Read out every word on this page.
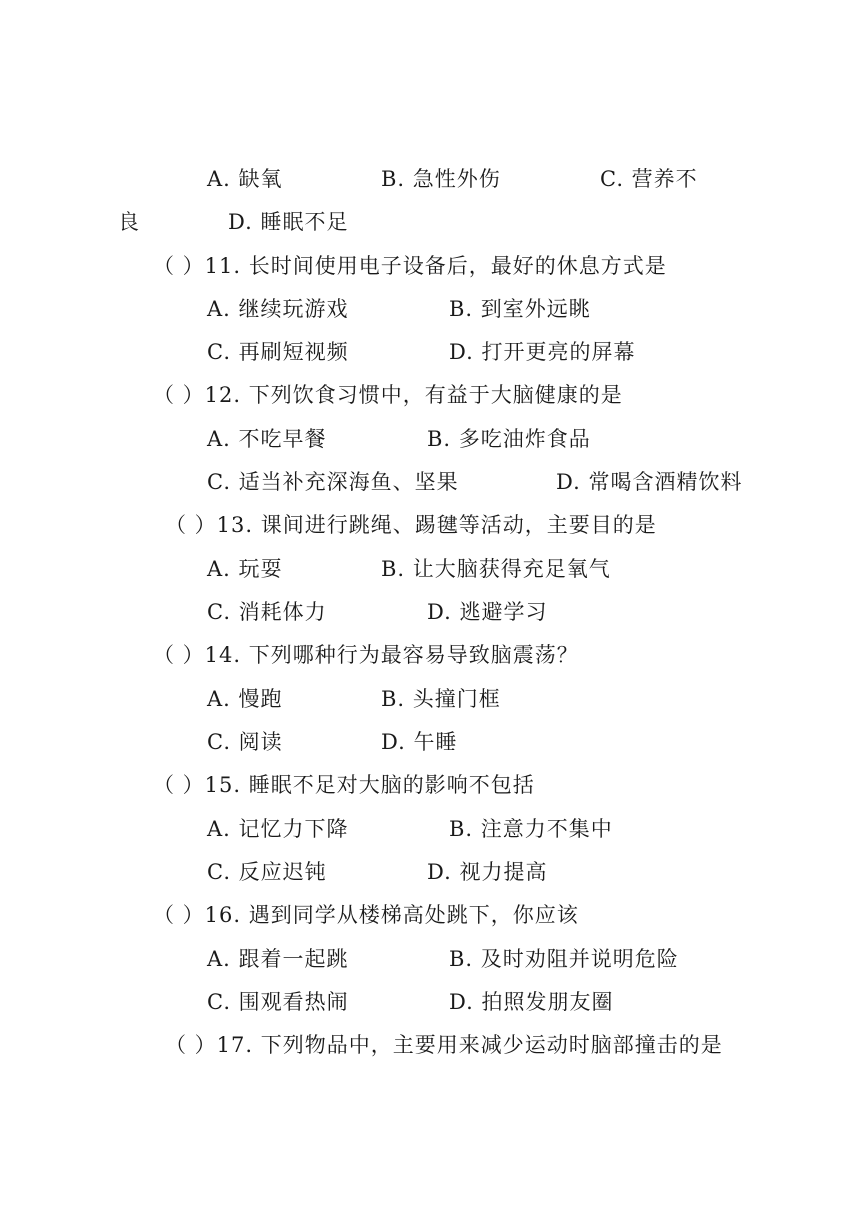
A. 缺氧	B. 急性外伤	C. 营养不
良	D. 睡眠不足
（ ）11. 长时间使用电子设备后，最好的休息方式是
A. 继续玩游戏	B. 到室外远眺
C. 再刷短视频	D. 打开更亮的屏幕
（ ）12. 下列饮食习惯中，有益于大脑健康的是
A. 不吃早餐	B. 多吃油炸食品
C. 适当补充深海鱼、坚果	D. 常喝含酒精饮料
（ ）13. 课间进行跳绳、踢毽等活动，主要目的是
A. 玩耍	B. 让大脑获得充足氧气
C. 消耗体力	D. 逃避学习
（ ）14. 下列哪种行为最容易导致脑震荡？
A. 慢跑	B. 头撞门框
C. 阅读	D. 午睡
（ ）15. 睡眠不足对大脑的影响不包括
A. 记忆力下降	B. 注意力不集中
C. 反应迟钝	D. 视力提高
（ ）16. 遇到同学从楼梯高处跳下，你应该
A. 跟着一起跳	B. 及时劝阻并说明危险
C. 围观看热闹	D. 拍照发朋友圈
（ ）17. 下列物品中，主要用来减少运动时脑部撞击的是
